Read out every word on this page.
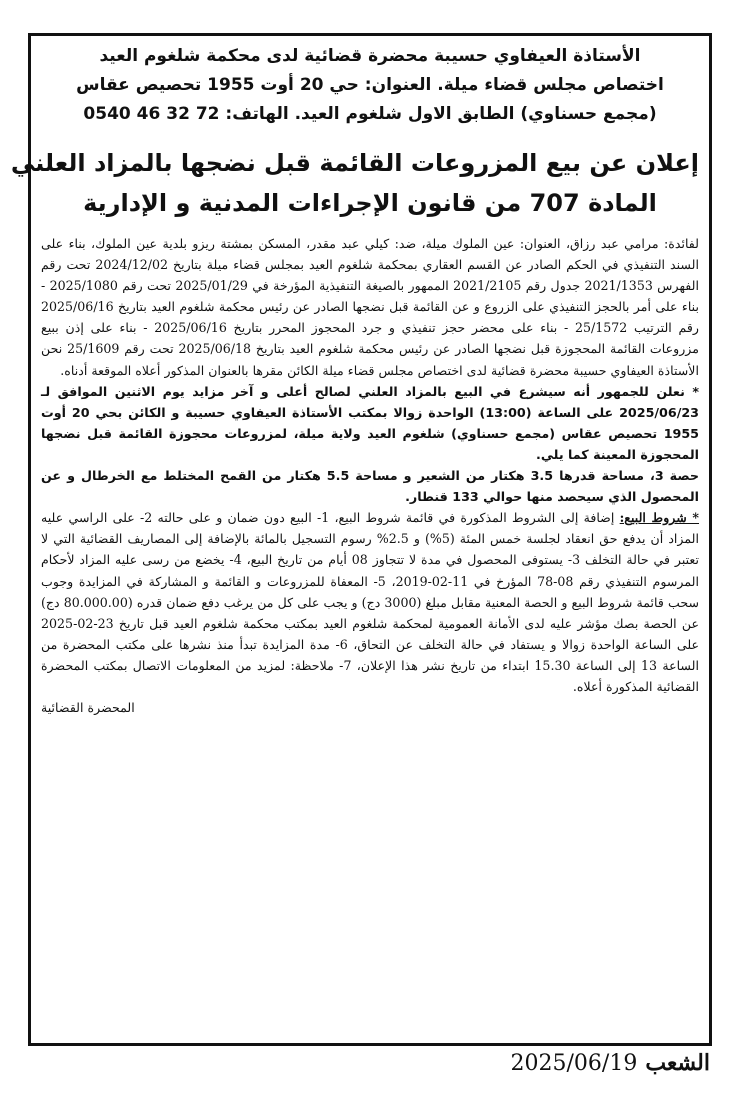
الأستاذة العيفاوي حسيبة محضرة قضائية لدى محكمة شلغوم العيد

اختصاص مجلس قضاء ميلة. العنوان: حي 20 أوت 1955 تحصيص عقاس

(مجمع حسناوي) الطابق الاول شلغوم العيد. الهاتف: 72 32 46 0540

إعلان عن بيع المزروعات القائمة قبل نضجها بالمزاد العلني

المادة 707 من قانون الإجراءات المدنية و الإدارية

لفائدة: مرامي عبد رزاق، العنوان: عين الملوك ميلة، ضد: كيلي عبد مقدر، المسكن بمشتة ريزو بلدية عين الملوك، بناء على السند التنفيذي في الحكم الصادر عن القسم العقاري بمحكمة شلغوم العيد بمجلس قضاء ميلة بتاريخ 2024/12/02 تحت رقم الفهرس 2021/1353 جدول رقم 2021/2105 الممهور بالصيغة التنفيذية المؤرخة في 2025/01/29 تحت رقم 2025/1080 - بناء على أمر بالحجز التنفيذي على الزروع و عن القائمة قبل نضجها الصادر عن رئيس محكمة شلغوم العيد بتاريخ 2025/06/16 رقم الترتيب 25/1572 - بناء على محضر حجز تنفيذي و جرد المحجوز المحرر بتاريخ 2025/06/16 - بناء على إذن ببيع مزروعات القائمة المحجوزة قبل نضجها الصادر عن رئيس محكمة شلغوم العيد بتاريخ 2025/06/18 تحت رقم 25/1609 نحن الأستاذة العيفاوي حسيبة محضرة قضائية لدى اختصاص مجلس قضاء ميلة الكائن مقرها بالعنوان المذكور أعلاه الموقعة أدناه.

* نعلن للجمهور أنه سيشرع في البيع بالمزاد العلني لصالح أعلى و آخر مزايد يوم الاثنين الموافق لـ 2025/06/23 على الساعة (13:00) الواحدة زوالا بمكتب الأستاذة العيفاوي حسيبة و الكائن بحي 20 أوت 1955 تحصيص عقاس (مجمع حسناوي) شلغوم العيد ولاية ميلة، لمزروعات محجوزة القائمة قبل نضجها المحجوزة المعينة كما يلي.

حصة 3، مساحة قدرها 3.5 هكتار من الشعير و مساحة 5.5 هكتار من القمح المختلط مع الخرطال و عن المحصول الذي سيحصد منها حوالي 133 قنطار.

* شروط البيع: إضافة إلى الشروط المذكورة في قائمة شروط البيع، 1- البيع دون ضمان و على حالته 2- على الراسي عليه المزاد أن يدفع حق انعقاد لجلسة خمس المئة (5%) و 2.5% رسوم التسجيل بالمائة بالإضافة إلى المصاريف القضائية التي لا تعتبر في حالة التخلف 3- يستوفى المحصول في مدة لا تتجاوز 08 أيام من تاريخ البيع، 4- يخضع من رسى عليه المزاد لأحكام المرسوم التنفيذي رقم 08-78 المؤرخ في 11-02-2019، 5- المعفاة للمزروعات و القائمة و المشاركة في المزايدة وجوب سحب قائمة شروط البيع و الحصة المعنية مقابل مبلغ (3000 دج) و يجب على كل من يرغب دفع ضمان قدره (80.000.00 دج) عن الحصة بصك مؤشر عليه لدى الأمانة العمومية لمحكمة شلغوم العيد بمكتب محكمة شلغوم العيد قبل تاريخ 23-02-2025 على الساعة الواحدة زوالا و يستفاد في حالة التخلف عن التحاق، 6- مدة المزايدة تبدأ منذ نشرها على مكتب المحضرة من الساعة 13 إلى الساعة 15.30 ابتداء من تاريخ نشر هذا الإعلان، 7- ملاحظة: لمزيد من المعلومات الاتصال بمكتب المحضرة القضائية المذكورة أعلاه.

المحضرة القضائية

الشعب2025/06/19
